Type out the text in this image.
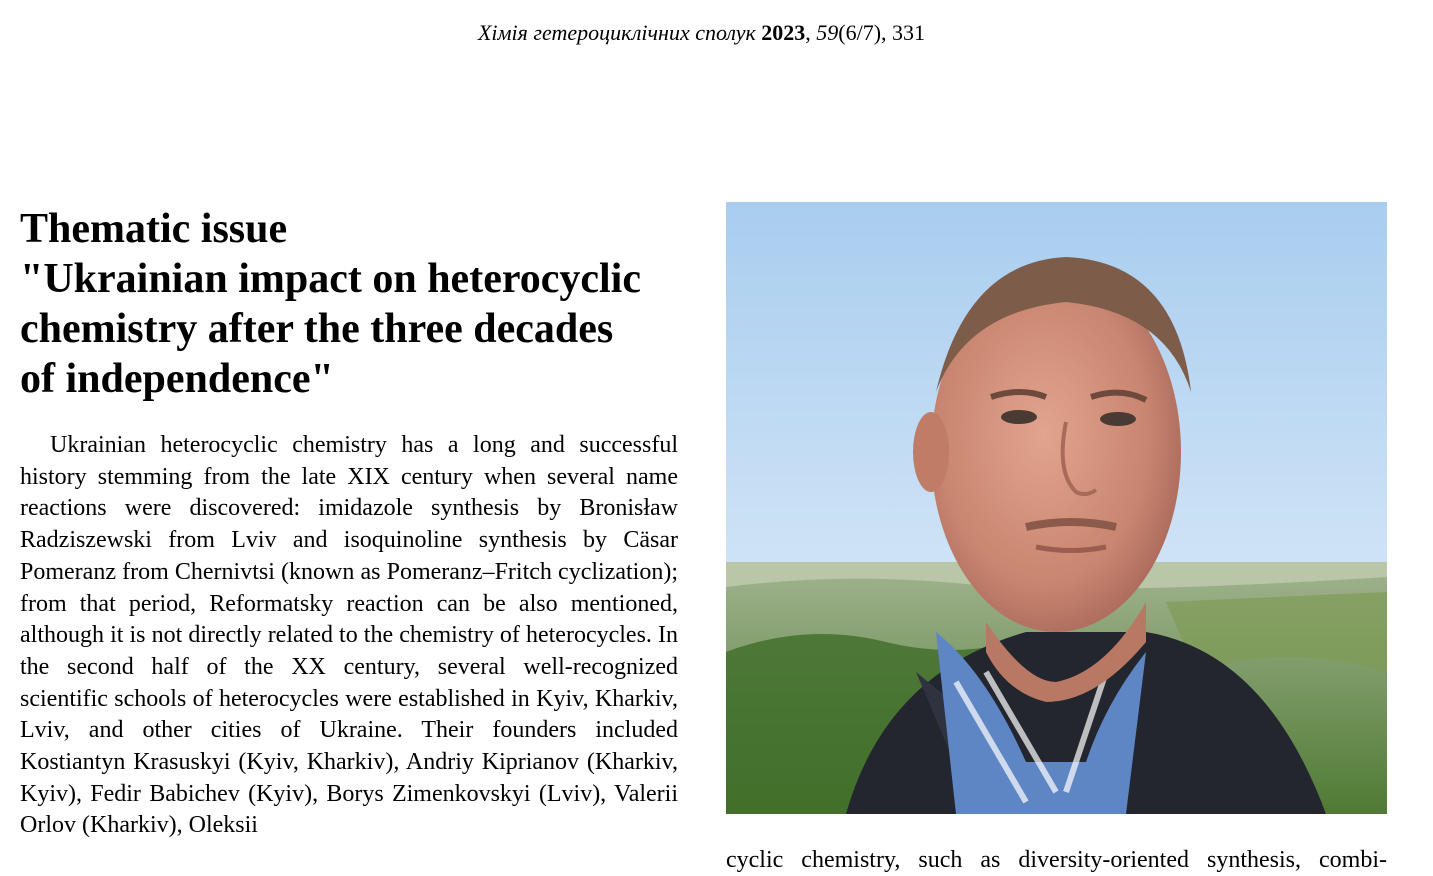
Хімія гетероциклічних сполук 2023, 59(6/7), 331
Thematic issue
"Ukrainian impact on heterocyclic
chemistry after the three decades
of independence"

Ukrainian heterocyclic chemistry has a long and successful history stemming from the late XIX century when several name reactions were discovered: imidazole synthesis by Bronisław Radziszewski from Lviv and isoquinoline synthesis by Cäsar Pomeranz from Chernivtsi (known as Pomeranz–Fritch cyclization); from that period, Reformatsky reaction can be also mentioned, although it is not directly related to the chemistry of heterocycles. In the second half of the XX century, several well-recognized scientific schools of heterocycles were established in Kyiv, Kharkiv, Lviv, and other cities of Ukraine. Their founders included Kostiantyn Krasuskyi (Kyiv, Kharkiv), Andriy Kiprianov (Kharkiv, Kyiv), Fedir Babichev (Kyiv), Borys Zimenkovskyi (Lviv), Valerii Orlov (Kharkiv), Oleksii

cyclic chemistry, such as diversity-oriented synthesis, combi-
